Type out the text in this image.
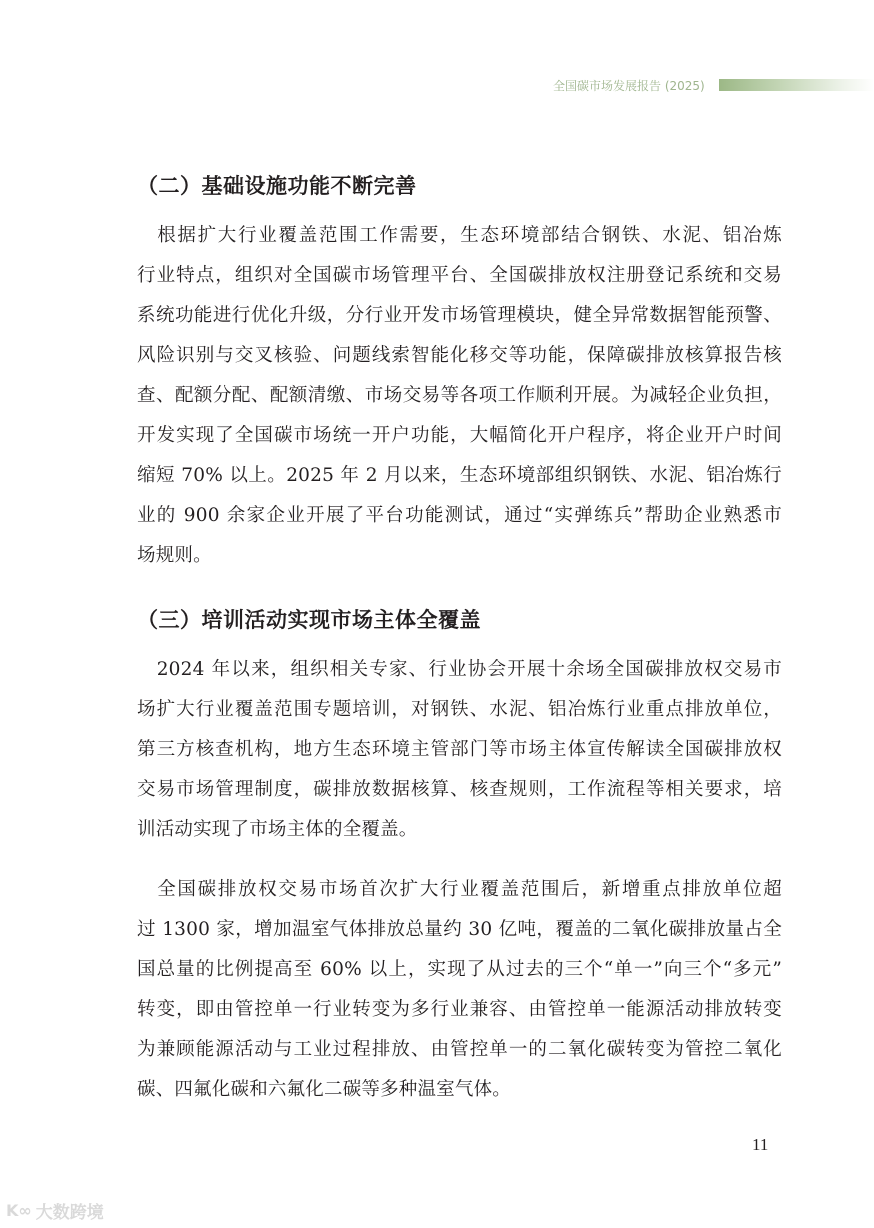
全国碳市场发展报告 (2025)
（二）基础设施功能不断完善
　根据扩大行业覆盖范围工作需要，生态环境部结合钢铁、水泥、铝冶炼
行业特点，组织对全国碳市场管理平台、全国碳排放权注册登记系统和交易
系统功能进行优化升级，分行业开发市场管理模块，健全异常数据智能预警、
风险识别与交叉核验、问题线索智能化移交等功能，保障碳排放核算报告核
查、配额分配、配额清缴、市场交易等各项工作顺利开展。为减轻企业负担，
开发实现了全国碳市场统一开户功能，大幅简化开户程序，将企业开户时间
缩短 70% 以上。2025 年 2 月以来，生态环境部组织钢铁、水泥、铝冶炼行
业的 900 余家企业开展了平台功能测试，通过“实弹练兵”帮助企业熟悉市
场规则。
（三）培训活动实现市场主体全覆盖
　2024 年以来，组织相关专家、行业协会开展十余场全国碳排放权交易市
场扩大行业覆盖范围专题培训，对钢铁、水泥、铝冶炼行业重点排放单位，
第三方核查机构，地方生态环境主管部门等市场主体宣传解读全国碳排放权
交易市场管理制度，碳排放数据核算、核查规则，工作流程等相关要求，培
训活动实现了市场主体的全覆盖。
　全国碳排放权交易市场首次扩大行业覆盖范围后，新增重点排放单位超
过 1300 家，增加温室气体排放总量约 30 亿吨，覆盖的二氧化碳排放量占全
国总量的比例提高至 60% 以上，实现了从过去的三个“单一”向三个“多元”
转变，即由管控单一行业转变为多行业兼容、由管控单一能源活动排放转变
为兼顾能源活动与工业过程排放、由管控单一的二氧化碳转变为管控二氧化
碳、四氟化碳和六氟化二碳等多种温室气体。
11
K∞ 大数跨境
